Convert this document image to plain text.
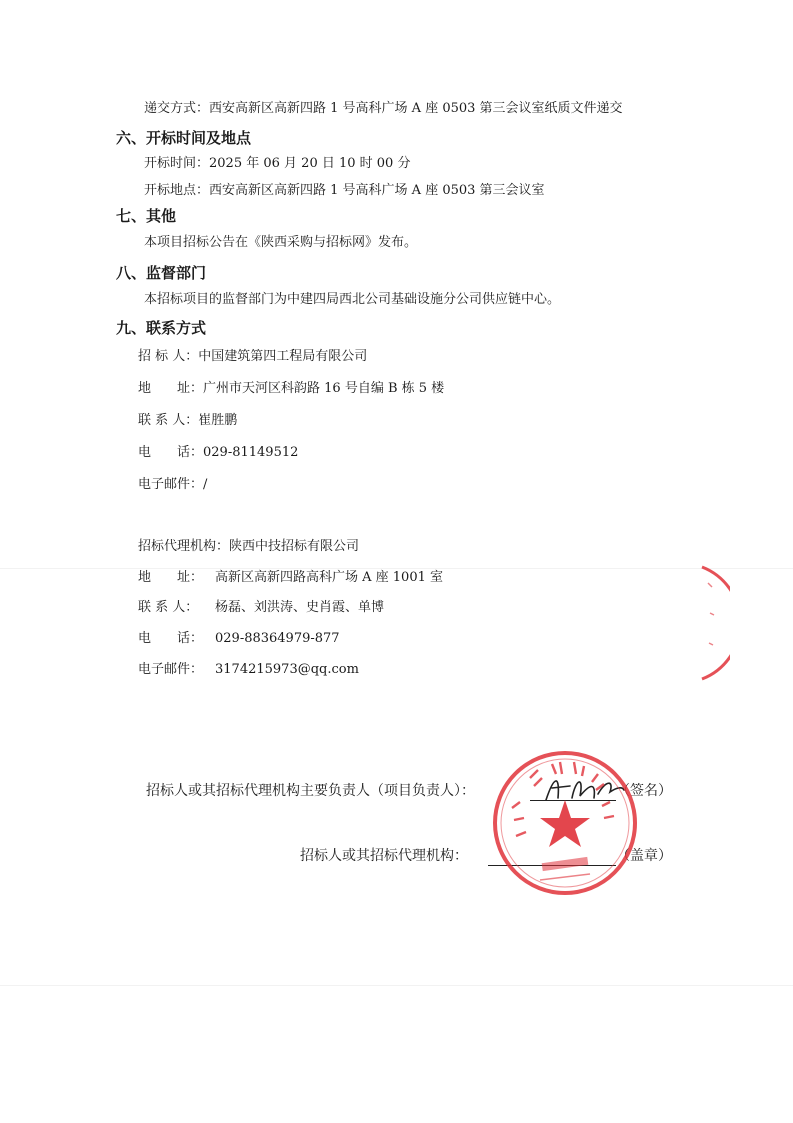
递交方式：西安高新区高新四路 1 号高科广场 A 座 0503 第三会议室纸质文件递交
六、开标时间及地点
开标时间：2025 年 06 月 20 日 10 时 00 分
开标地点：西安高新区高新四路 1 号高科广场 A 座 0503 第三会议室
七、其他
本项目招标公告在《陕西采购与招标网》发布。
八、监督部门
本招标项目的监督部门为中建四局西北公司基础设施分公司供应链中心。
九、联系方式
招 标 人：中国建筑第四工程局有限公司
地　　址：广州市天河区科韵路 16 号自编 B 栋 5 楼
联 系 人：崔胜鹏
电　　话：029-81149512
电子邮件：/
招标代理机构：陕西中技招标有限公司
地　　址： 高新区高新四路高科广场 A 座 1001 室
联 系 人： 杨磊、刘洪涛、史肖霞、单博
电　　话： 029-88364979-877
电子邮件： 3174215973@qq.com
招标人或其招标代理机构主要负责人（项目负责人）：	（签名）
招标人或其招标代理机构：	（盖章）
